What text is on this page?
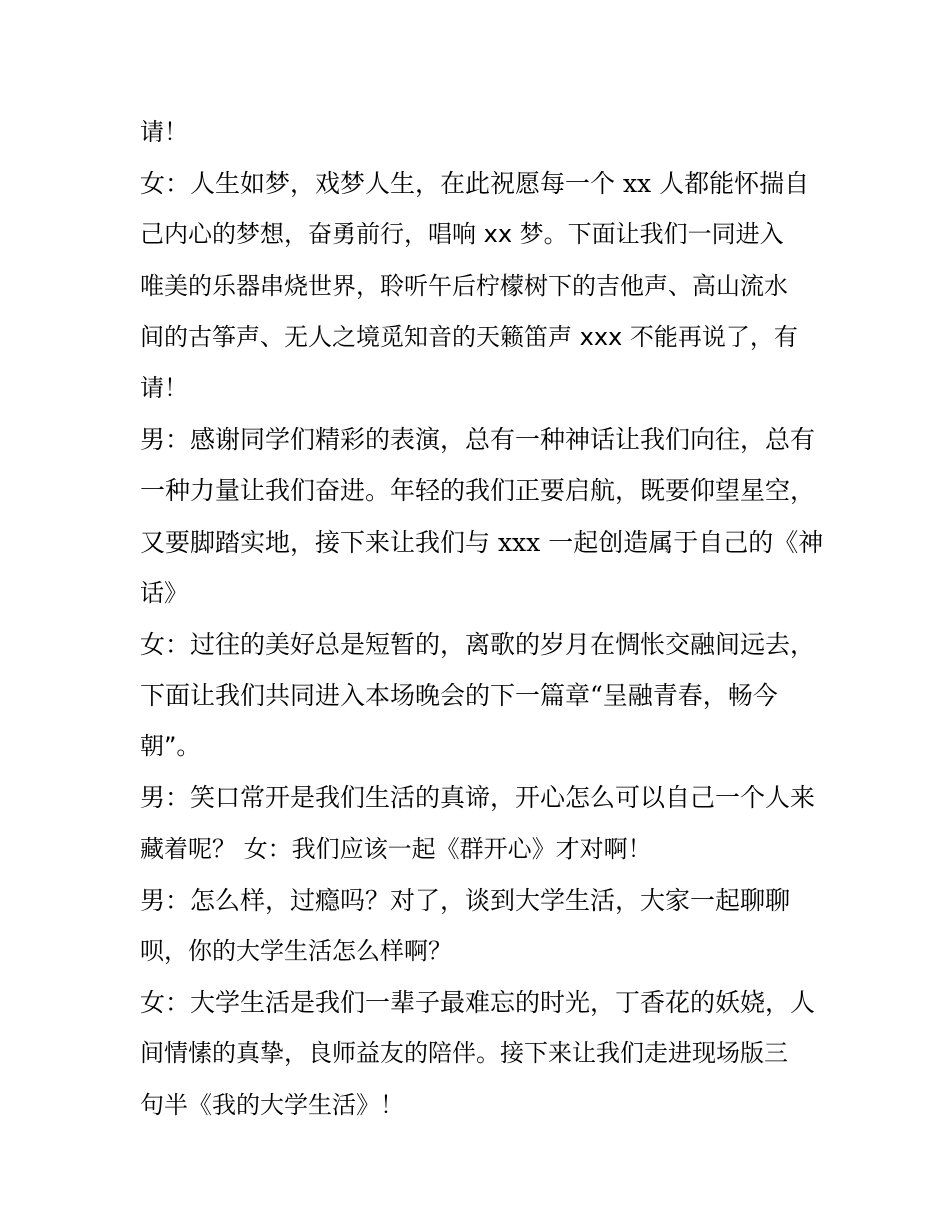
请！
女：人生如梦，戏梦人生，在此祝愿每一个 xx 人都能怀揣自
己内心的梦想，奋勇前行，唱响 xx 梦。下面让我们一同进入
唯美的乐器串烧世界，聆听午后柠檬树下的吉他声、高山流水
间的古筝声、无人之境觅知音的天籁笛声 xxx 不能再说了，有
请！
男：感谢同学们精彩的表演，总有一种神话让我们向往，总有
一种力量让我们奋进。年轻的我们正要启航，既要仰望星空，
又要脚踏实地，接下来让我们与 xxx 一起创造属于自己的《神
话》
女：过往的美好总是短暂的，离歌的岁月在惆怅交融间远去，
下面让我们共同进入本场晚会的下一篇章“呈融青春，畅今
朝”。
男：笑口常开是我们生活的真谛，开心怎么可以自己一个人来
藏着呢？ 女：我们应该一起《群开心》才对啊！
男：怎么样，过瘾吗？对了，谈到大学生活，大家一起聊聊
呗，你的大学生活怎么样啊？
女：大学生活是我们一辈子最难忘的时光，丁香花的妖娆，人
间情愫的真挚，良师益友的陪伴。接下来让我们走进现场版三
句半《我的大学生活》！
